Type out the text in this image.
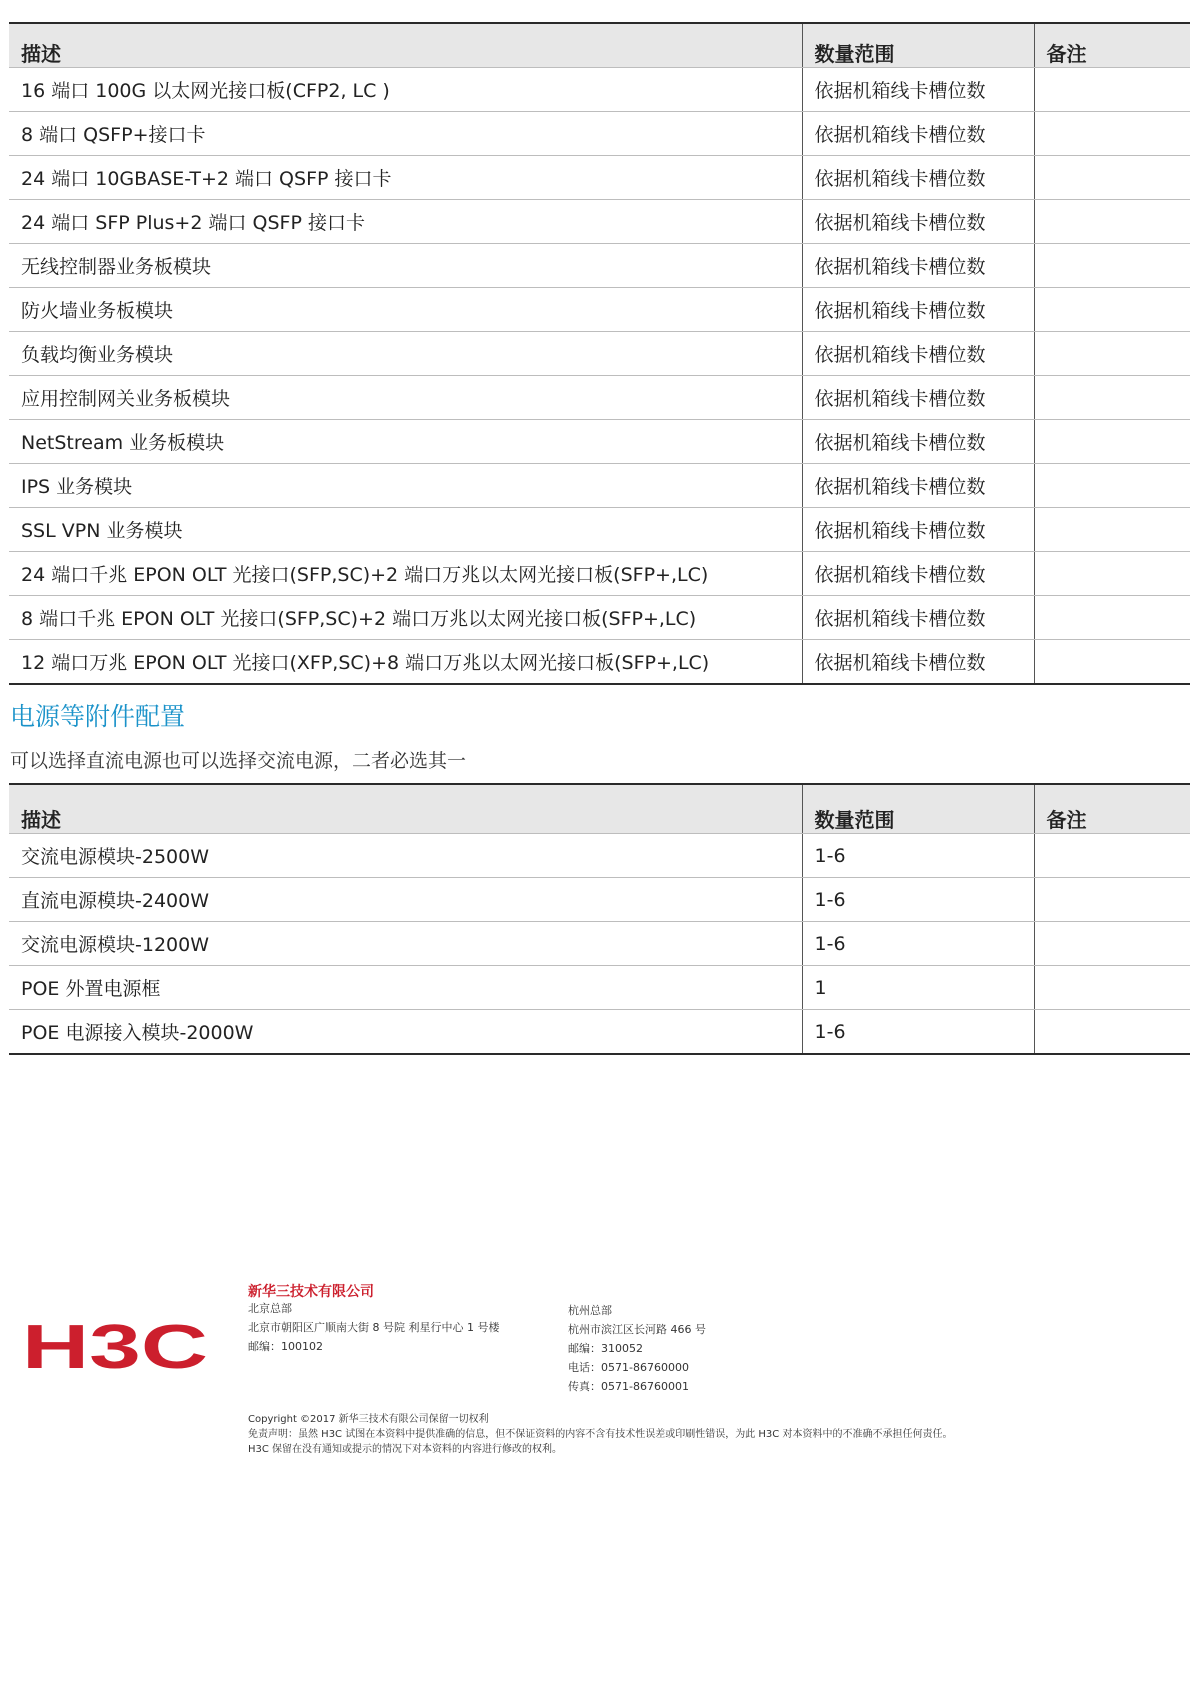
描述	数量范围	备注
16 端口 100G 以太网光接口板(CFP2, LC )	依据机箱线卡槽位数	
8 端口 QSFP+接口卡	依据机箱线卡槽位数	
24 端口 10GBASE-T+2 端口 QSFP 接口卡	依据机箱线卡槽位数	
24 端口 SFP Plus+2 端口 QSFP 接口卡	依据机箱线卡槽位数	
无线控制器业务板模块	依据机箱线卡槽位数	
防火墙业务板模块	依据机箱线卡槽位数	
负载均衡业务模块	依据机箱线卡槽位数	
应用控制网关业务板模块	依据机箱线卡槽位数	
NetStream 业务板模块	依据机箱线卡槽位数	
IPS 业务模块	依据机箱线卡槽位数	
SSL VPN 业务模块	依据机箱线卡槽位数	
24 端口千兆 EPON OLT 光接口(SFP,SC)+2 端口万兆以太网光接口板(SFP+,LC)	依据机箱线卡槽位数	
8 端口千兆 EPON OLT 光接口(SFP,SC)+2 端口万兆以太网光接口板(SFP+,LC)	依据机箱线卡槽位数	
12 端口万兆 EPON OLT 光接口(XFP,SC)+8 端口万兆以太网光接口板(SFP+,LC)	依据机箱线卡槽位数	
电源等附件配置

可以选择直流电源也可以选择交流电源，二者必选其一

描述	数量范围	备注
交流电源模块-2500W	1-6	
直流电源模块-2400W	1-6	
交流电源模块-1200W	1-6	
POE 外置电源框	1	
POE 电源接入模块-2000W	1-6	
H3C
新华三技术有限公司
北京总部
北京市朝阳区广顺南大街 8 号院 利星行中心 1 号楼
邮编：100102
杭州总部
杭州市滨江区长河路 466 号
邮编：310052
电话：0571-86760000
传真：0571-86760001
Copyright ©2017 新华三技术有限公司保留一切权利
免责声明：虽然 H3C 试图在本资料中提供准确的信息，但不保证资料的内容不含有技术性误差或印刷性错误，为此 H3C 对本资料中的不准确不承担任何责任。
H3C 保留在没有通知或提示的情况下对本资料的内容进行修改的权利。
